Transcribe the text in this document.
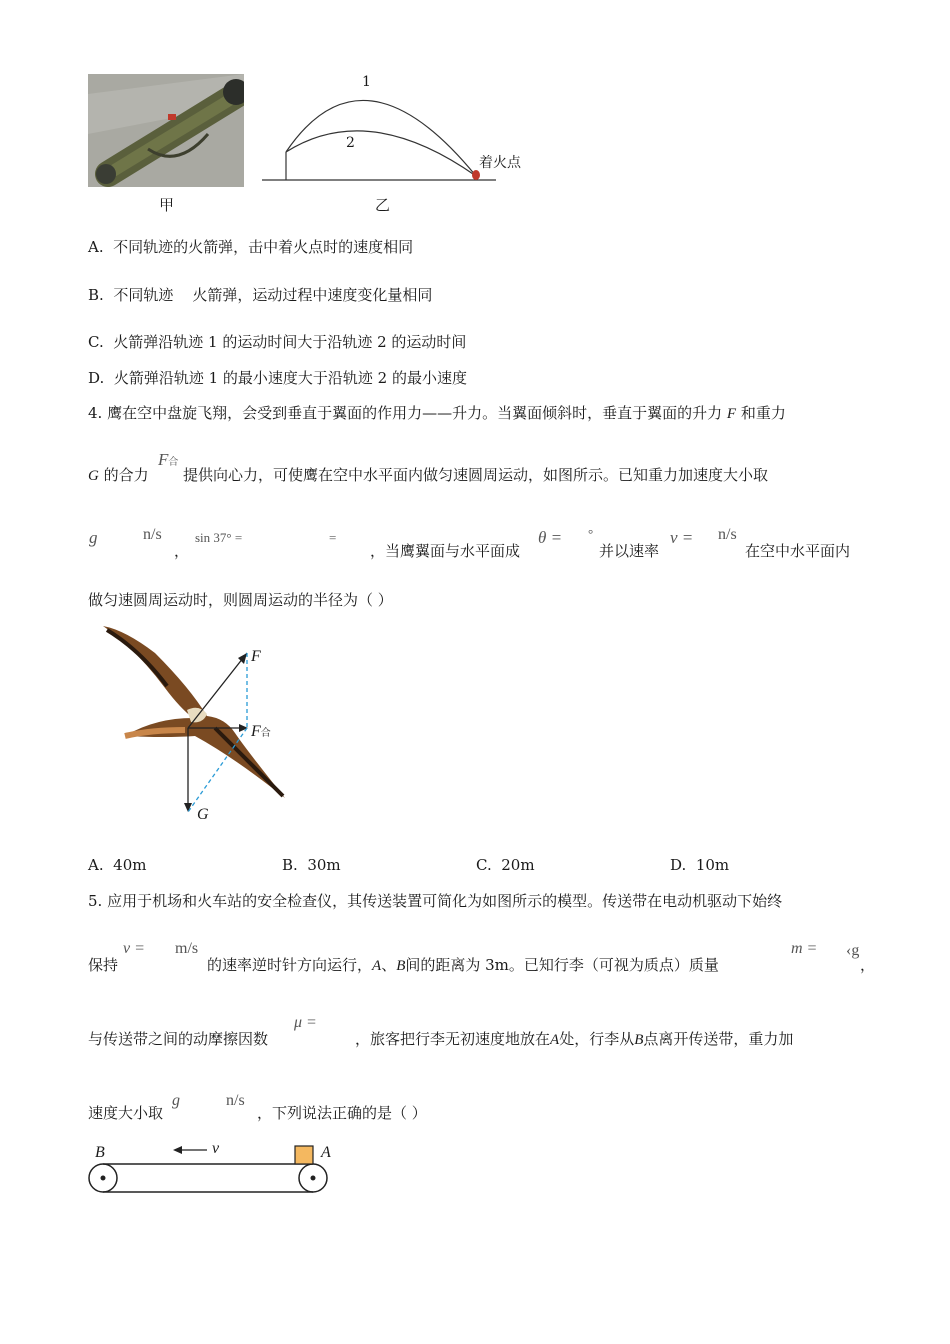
甲
1
2
着火点
乙
A. 不同轨迹的火箭弹，击中着火点时的速度相同
B. 不同轨迹    火箭弹，运动过程中速度变化量相同
C. 火箭弹沿轨迹 1 的运动时间大于沿轨迹 2 的运动时间
D. 火箭弹沿轨迹 1 的最小速度大于沿轨迹 2 的最小速度
4. 鹰在空中盘旋飞翔，会受到垂直于翼面的作用力——升力。当翼面倾斜时，垂直于翼面的升力 F 和重力
G 的合力
F合
提供向心力，可使鹰在空中水平面内做匀速圆周运动，如图所示。已知重力加速度大小取
g	n/s
，
sin 37° =	=
，当鹰翼面与水平面成
θ = °
并以速率
v = n/s
在空中水平面内
做匀速圆周运动时，则圆周运动的半径为（ ）
F
F合
G
A. 40m	B. 30m	C. 20m	D. 10m
5. 应用于机场和火车站的安全检查仪，其传送装置可简化为如图所示的模型。传送带在电动机驱动下始终
保持
v = m/s
的速率逆时针方向运行，A、B间的距离为 3m。已知行李（可视为质点）质量
m = ‹g
，
与传送带之间的动摩擦因数
μ =
，旅客把行李无初速度地放在A处，行李从B点离开传送带，重力加
速度大小取
g	n/s
，下列说法正确的是（ ）
B	A
v
